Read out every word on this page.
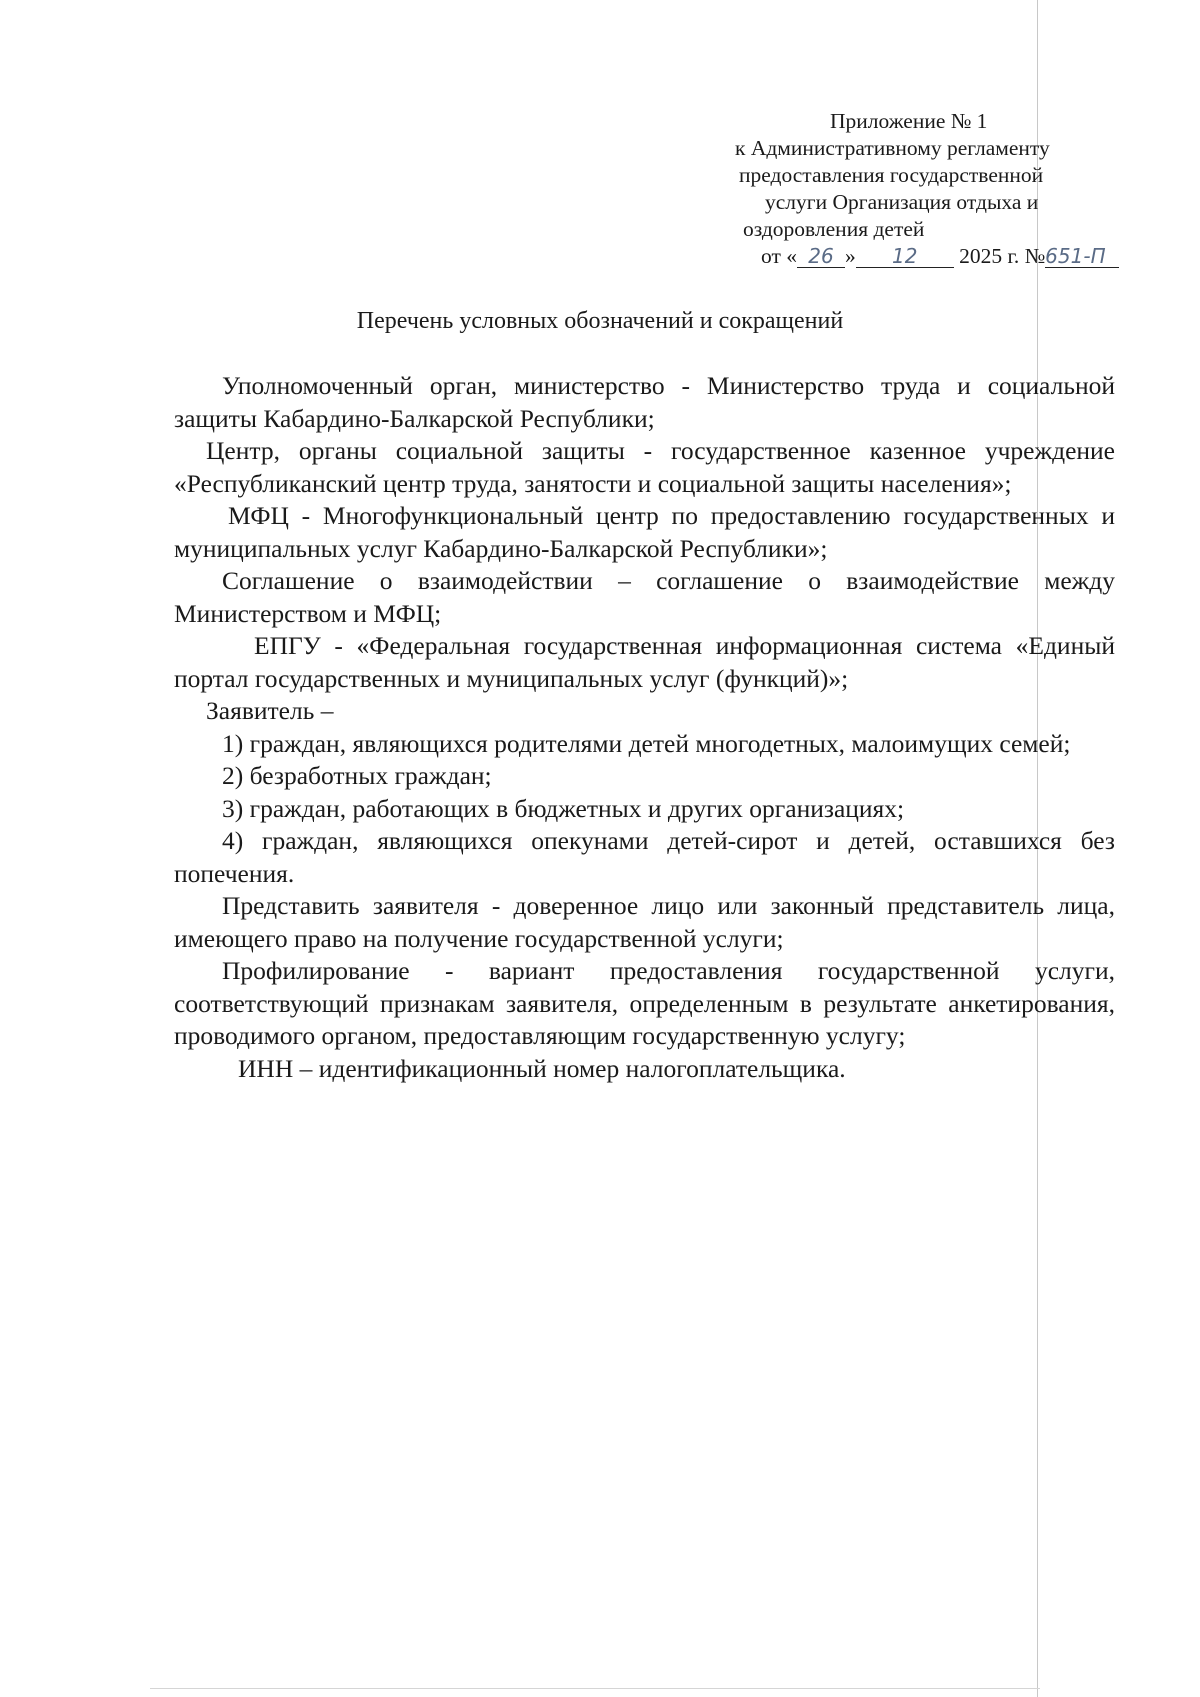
Приложение № 1
к Административному регламенту
предоставления государственной
услуги Организация отдыха и
оздоровления детей
от « 26 » 12 2025 г. №651-П
Перечень условных обозначений и сокращений

Уполномоченный орган, министерство - Министерство труда и социальной защиты Кабардино-Балкарской Республики;

Центр, органы социальной защиты - государственное казенное учреждение «Республиканский центр труда, занятости и социальной защиты населения»;

МФЦ - Многофункциональный центр по предоставлению государственных и муниципальных услуг Кабардино-Балкарской Республики»;

Соглашение о взаимодействии – соглашение о взаимодействие между Министерством и МФЦ;

ЕПГУ - «Федеральная государственная информационная система «Единый портал государственных и муниципальных услуг (функций)»;

Заявитель –

1) граждан, являющихся родителями детей многодетных, малоимущих семей;

2) безработных граждан;

3) граждан, работающих в бюджетных и других организациях;

4) граждан, являющихся опекунами детей-сирот и детей, оставшихся без попечения.

Представить заявителя - доверенное лицо или законный представитель лица, имеющего право на получение государственной услуги;

Профилирование - вариант предоставления государственной услуги, соответствующий признакам заявителя, определенным в результате анкетирования, проводимого органом, предоставляющим государственную услугу;

ИНН – идентификационный номер налогоплательщика.
